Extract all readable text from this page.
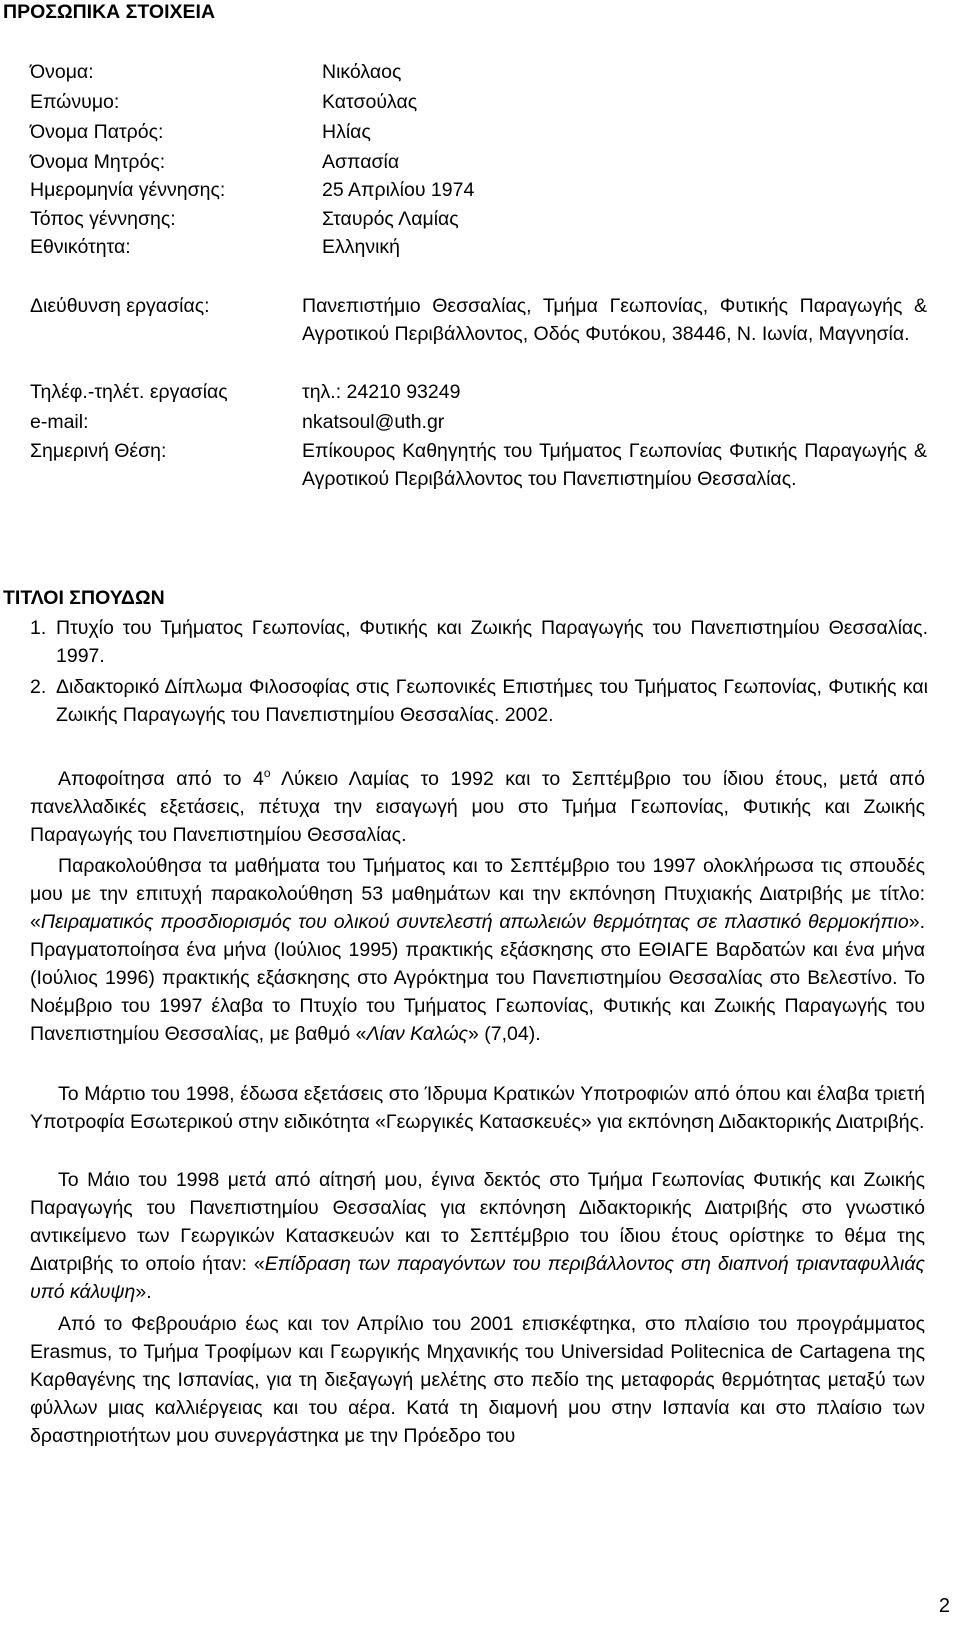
ΠΡΟΣΩΠΙΚΑ ΣΤΟΙΧΕΙΑ
Όνομα:	Νικόλαος
Επώνυμο:	Κατσούλας
Όνομα Πατρός:	Ηλίας
Όνομα Μητρός:	Ασπασία
Ημερομηνία γέννησης:	25 Απριλίου 1974
Τόπος γέννησης:	Σταυρός Λαμίας
Εθνικότητα:	Ελληνική
Διεύθυνση εργασίας:	Πανεπιστήμιο Θεσσαλίας, Τμήμα Γεωπονίας, Φυτικής Παραγωγής & Αγροτικού Περιβάλλοντος, Οδός Φυτόκου, 38446, Ν. Ιωνία, Μαγνησία.
Τηλέφ.-τηλέτ. εργασίας	τηλ.: 24210 93249
e-mail:	nkatsoul@uth.gr
Σημερινή Θέση:	Επίκουρος Καθηγητής του Τμήματος Γεωπονίας Φυτικής Παραγωγής & Αγροτικού Περιβάλλοντος του Πανεπιστημίου Θεσσαλίας.
ΤΙΤΛΟΙ ΣΠΟΥΔΩΝ
1. Πτυχίο του Τμήματος Γεωπονίας, Φυτικής και Ζωικής Παραγωγής του Πανεπιστημίου Θεσσαλίας. 1997.
2. Διδακτορικό Δίπλωμα Φιλοσοφίας στις Γεωπονικές Επιστήμες του Τμήματος Γεωπονίας, Φυτικής και Ζωικής Παραγωγής του Πανεπιστημίου Θεσσαλίας. 2002.
Αποφοίτησα από το $4^o$ Λύκειο Λαμίας το 1992 και το Σεπτέμβριο του ίδιου έτους, μετά από πανελλαδικές εξετάσεις, πέτυχα την εισαγωγή μου στο Τμήμα Γεωπονίας, Φυτικής και Ζωικής Παραγωγής του Πανεπιστημίου Θεσσαλίας.
Παρακολούθησα τα μαθήματα του Τμήματος και το Σεπτέμβριο του 1997 ολοκλήρωσα τις σπουδές μου με την επιτυχή παρακολούθηση 53 μαθημάτων και την εκπόνηση Πτυχιακής Διατριβής με τίτλο: «Πειραματικός προσδιορισμός του ολικού συντελεστή απωλειών θερμότητας σε πλαστικό θερμοκήπιο». Πραγματοποίησα ένα μήνα (Ιούλιος 1995) πρακτικής εξάσκησης στο ΕΘΙΑΓΕ Βαρδατών και ένα μήνα (Ιούλιος 1996) πρακτικής εξάσκησης στο Αγρόκτημα του Πανεπιστημίου Θεσσαλίας στο Βελεστίνο. Το Νοέμβριο του 1997 έλαβα το Πτυχίο του Τμήματος Γεωπονίας, Φυτικής και Ζωικής Παραγωγής του Πανεπιστημίου Θεσσαλίας, με βαθμό «Λίαν Καλώς» (7,04).
Το Μάρτιο του 1998, έδωσα εξετάσεις στο Ίδρυμα Κρατικών Υποτροφιών από όπου και έλαβα τριετή Υποτροφία Εσωτερικού στην ειδικότητα «Γεωργικές Κατασκευές» για εκπόνηση Διδακτορικής Διατριβής.
Το Μάιο του 1998 μετά από αίτησή μου, έγινα δεκτός στο Τμήμα Γεωπονίας Φυτικής και Ζωικής Παραγωγής του Πανεπιστημίου Θεσσαλίας για εκπόνηση Διδακτορικής Διατριβής στο γνωστικό αντικείμενο των Γεωργικών Κατασκευών και το Σεπτέμβριο του ίδιου έτους ορίστηκε το θέμα της Διατριβής το οποίο ήταν: «Επίδραση των παραγόντων του περιβάλλοντος στη διαπνοή τριανταφυλλιάς υπό κάλυψη».
Από το Φεβρουάριο έως και τον Απρίλιο του 2001 επισκέφτηκα, στο πλαίσιο του προγράμματος Erasmus, το Τμήμα Τροφίμων και Γεωργικής Μηχανικής του Universidad Politecnica de Cartagena της Καρθαγένης της Ισπανίας, για τη διεξαγωγή μελέτης στο πεδίο της μεταφοράς θερμότητας μεταξύ των φύλλων μιας καλλιέργειας και του αέρα. Κατά τη διαμονή μου στην Ισπανία και στο πλαίσιο των δραστηριοτήτων μου συνεργάστηκα με την Πρόεδρο του
2
